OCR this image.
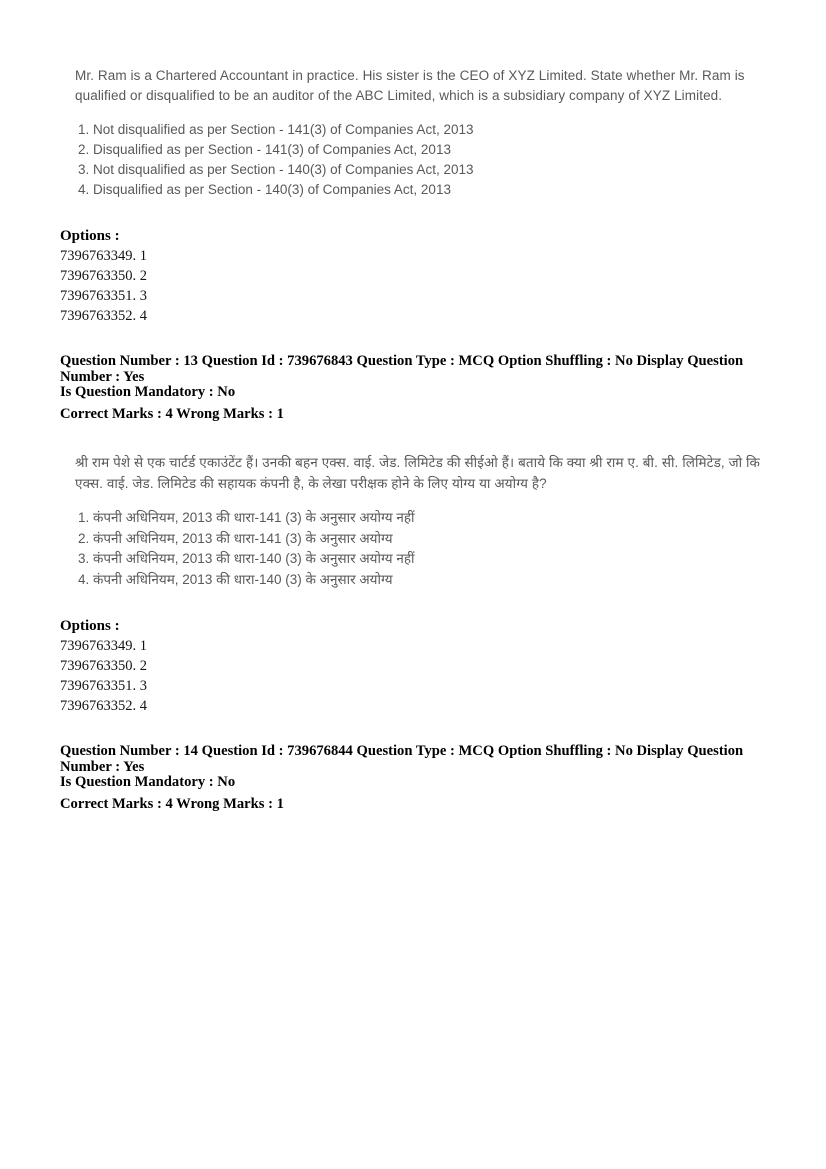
Mr. Ram is a Chartered Accountant in practice. His sister is the CEO of XYZ Limited. State whether Mr. Ram is qualified or disqualified to be an auditor of the ABC Limited, which is a subsidiary company of XYZ Limited.
1. Not disqualified as per Section - 141(3) of Companies Act, 2013
2. Disqualified as per Section - 141(3) of Companies Act, 2013
3. Not disqualified as per Section - 140(3) of Companies Act, 2013
4. Disqualified as per Section - 140(3) of Companies Act, 2013
Options :
7396763349. 1
7396763350. 2
7396763351. 3
7396763352. 4
Question Number : 13 Question Id : 739676843 Question Type : MCQ Option Shuffling : No Display Question Number : Yes
Is Question Mandatory : No
Correct Marks : 4 Wrong Marks : 1
श्री राम पेशे से एक चार्टर्ड एकाउंटेंट हैं। उनकी बहन एक्स. वाई. जेड. लिमिटेड की सीईओ हैं। बताये कि क्या श्री राम ए. बी. सी. लिमिटेड, जो कि एक्स. वाई. जेड. लिमिटेड की सहायक कंपनी है, के लेखा परीक्षक होने के लिए योग्य या अयोग्य है?
1. कंपनी अधिनियम, 2013 की धारा-141 (3) के अनुसार अयोग्य नहीं
2. कंपनी अधिनियम, 2013 की धारा-141 (3) के अनुसार अयोग्य
3. कंपनी अधिनियम, 2013 की धारा-140 (3) के अनुसार अयोग्य नहीं
4. कंपनी अधिनियम, 2013 की धारा-140 (3) के अनुसार अयोग्य
Options :
7396763349. 1
7396763350. 2
7396763351. 3
7396763352. 4
Question Number : 14 Question Id : 739676844 Question Type : MCQ Option Shuffling : No Display Question Number : Yes
Is Question Mandatory : No
Correct Marks : 4 Wrong Marks : 1
